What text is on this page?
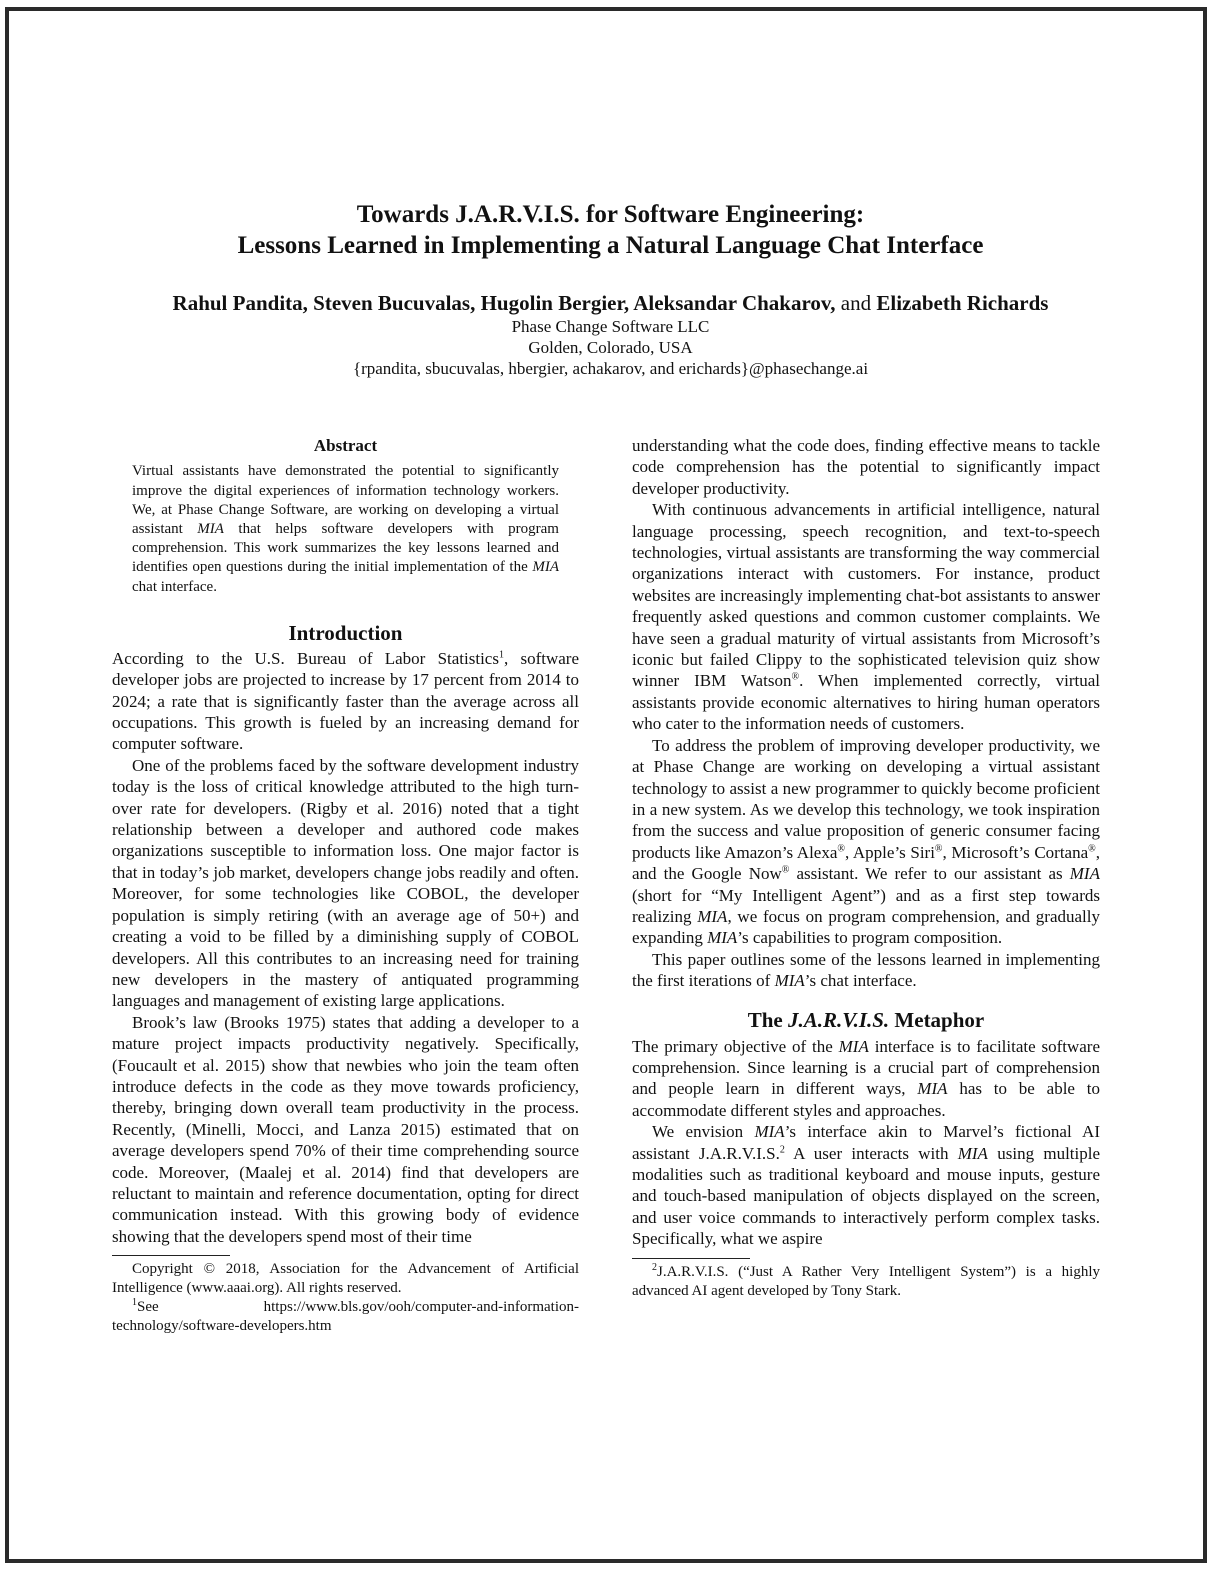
Towards J.A.R.V.I.S. for Software Engineering:
Lessons Learned in Implementing a Natural Language Chat Interface
Rahul Pandita, Steven Bucuvalas, Hugolin Bergier, Aleksandar Chakarov, and Elizabeth Richards
Phase Change Software LLC
Golden, Colorado, USA
{rpandita, sbucuvalas, hbergier, achakarov, and erichards}@phasechange.ai
Abstract

Virtual assistants have demonstrated the potential to significantly improve the digital experiences of information technology workers. We, at Phase Change Software, are working on developing a virtual assistant MIA that helps software developers with program comprehension. This work summarizes the key lessons learned and identifies open questions during the initial implementation of the MIA chat interface.

Introduction

According to the U.S. Bureau of Labor Statistics$^1$, software developer jobs are projected to increase by 17 percent from 2014 to 2024; a rate that is significantly faster than the average across all occupations. This growth is fueled by an increasing demand for computer software.

One of the problems faced by the software development industry today is the loss of critical knowledge attributed to the high turn-over rate for developers. (Rigby et al. 2016) noted that a tight relationship between a developer and authored code makes organizations susceptible to information loss. One major factor is that in today’s job market, developers change jobs readily and often. Moreover, for some technologies like COBOL, the developer population is simply retiring (with an average age of 50+) and creating a void to be filled by a diminishing supply of COBOL developers. All this contributes to an increasing need for training new developers in the mastery of antiquated programming languages and management of existing large applications.

Brook’s law (Brooks 1975) states that adding a developer to a mature project impacts productivity negatively. Specifically, (Foucault et al. 2015) show that newbies who join the team often introduce defects in the code as they move towards proficiency, thereby, bringing down overall team productivity in the process. Recently, (Minelli, Mocci, and Lanza 2015) estimated that on average developers spend 70% of their time comprehending source code. Moreover, (Maalej et al. 2014) find that developers are reluctant to maintain and reference documentation, opting for direct communication instead. With this growing body of evidence showing that the developers spend most of their time

Copyright © 2018, Association for the Advancement of Artificial Intelligence (www.aaai.org). All rights reserved.

$^1$See https://www.bls.gov/ooh/computer-and-information-technology/software-developers.htm

understanding what the code does, finding effective means to tackle code comprehension has the potential to significantly impact developer productivity.

With continuous advancements in artificial intelligence, natural language processing, speech recognition, and text-to-speech technologies, virtual assistants are transforming the way commercial organizations interact with customers. For instance, product websites are increasingly implementing chat-bot assistants to answer frequently asked questions and common customer complaints. We have seen a gradual maturity of virtual assistants from Microsoft’s iconic but failed Clippy to the sophisticated television quiz show winner IBM Watson®. When implemented correctly, virtual assistants provide economic alternatives to hiring human operators who cater to the information needs of customers.

To address the problem of improving developer productivity, we at Phase Change are working on developing a virtual assistant technology to assist a new programmer to quickly become proficient in a new system. As we develop this technology, we took inspiration from the success and value proposition of generic consumer facing products like Amazon’s Alexa®, Apple’s Siri®, Microsoft’s Cortana®, and the Google Now® assistant. We refer to our assistant as MIA (short for “My Intelligent Agent”) and as a first step towards realizing MIA, we focus on program comprehension, and gradually expanding MIA’s capabilities to program composition.

This paper outlines some of the lessons learned in implementing the first iterations of MIA’s chat interface.

The J.A.R.V.I.S. Metaphor

The primary objective of the MIA interface is to facilitate software comprehension. Since learning is a crucial part of comprehension and people learn in different ways, MIA has to be able to accommodate different styles and approaches.

We envision MIA’s interface akin to Marvel’s fictional AI assistant J.A.R.V.I.S.$^2$ A user interacts with MIA using multiple modalities such as traditional keyboard and mouse inputs, gesture and touch-based manipulation of objects displayed on the screen, and user voice commands to interactively perform complex tasks. Specifically, what we aspire

$^2$J.A.R.V.I.S. (“Just A Rather Very Intelligent System”) is a highly advanced AI agent developed by Tony Stark.
